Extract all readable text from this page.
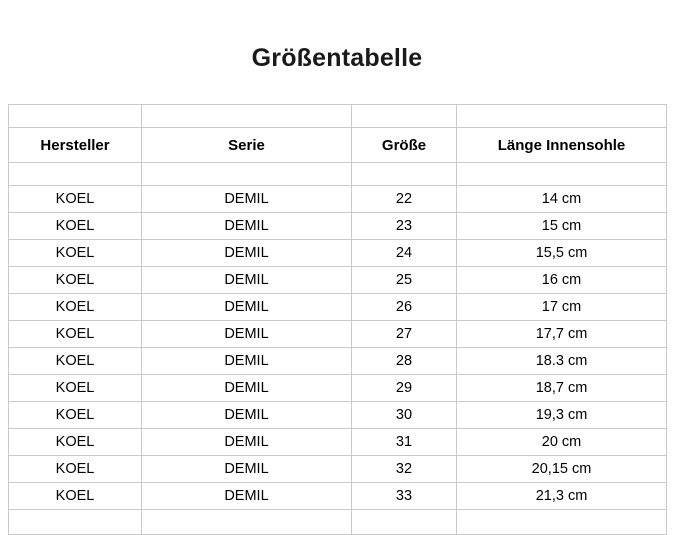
Größentabelle

Hersteller	Serie	Größe	Länge Innensohle

KOEL	DEMIL	22	14 cm
KOEL	DEMIL	23	15 cm
KOEL	DEMIL	24	15,5 cm
KOEL	DEMIL	25	16 cm
KOEL	DEMIL	26	17 cm
KOEL	DEMIL	27	17,7 cm
KOEL	DEMIL	28	18.3 cm
KOEL	DEMIL	29	18,7 cm
KOEL	DEMIL	30	19,3 cm
KOEL	DEMIL	31	20 cm
KOEL	DEMIL	32	20,15 cm
KOEL	DEMIL	33	21,3 cm
